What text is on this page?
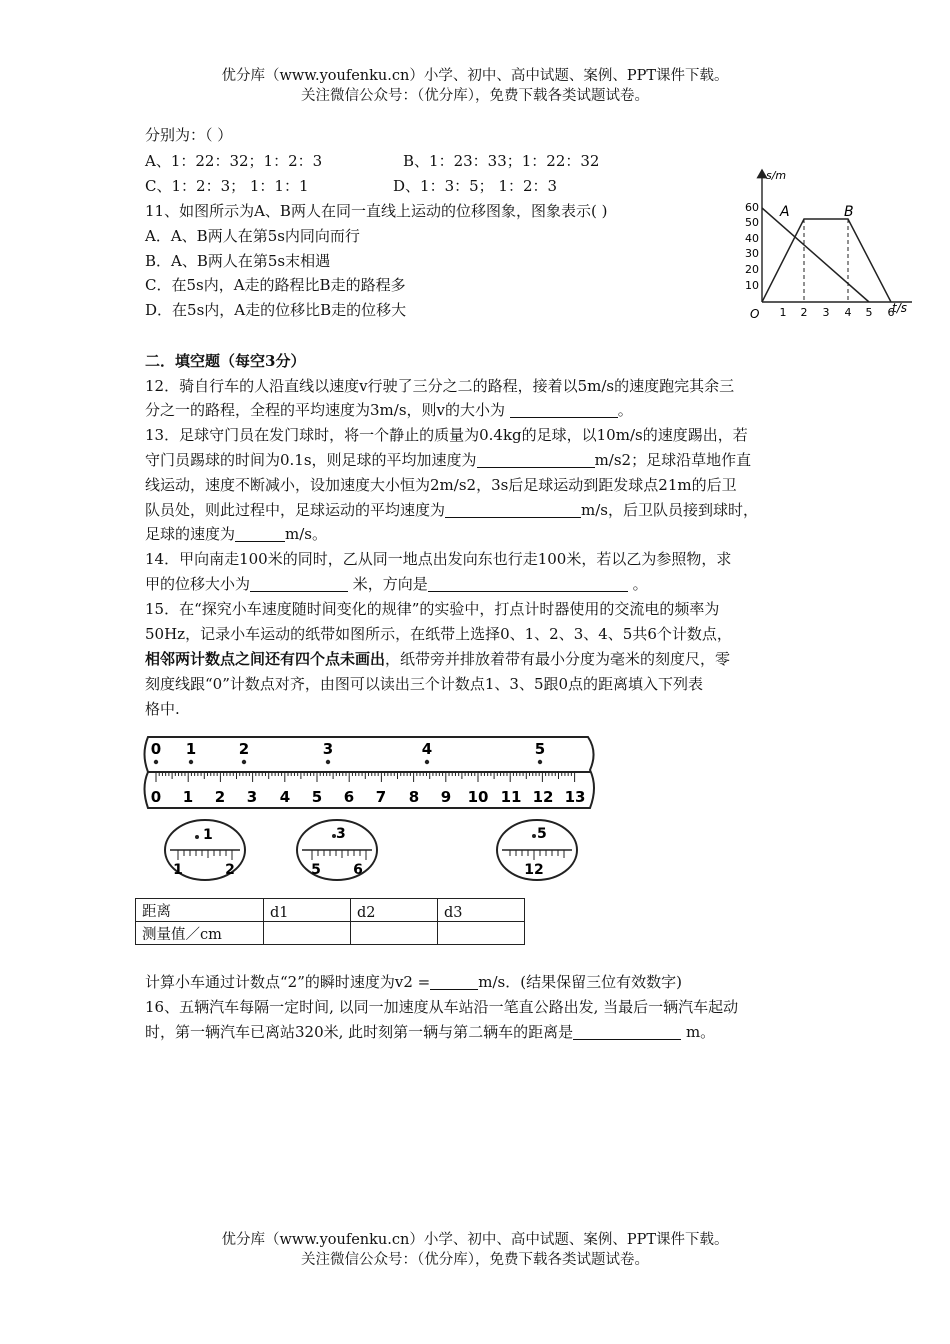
优分库（www.youfenku.cn）小学、初中、高中试题、案例、PPT课件下载。
关注微信公众号：（优分库），免费下载各类试题试卷。
分别为：（ ）
A、1：22：32；1：2：3	B、1：23：33；1：22：32
C、1：2：3； 1：1：1	D、1：3：5； 1：2：3
11、如图所示为A、B两人在同一直线上运动的位移图象，图象表示( )
A．A、B两人在第5s内同向而行
B．A、B两人在第5s末相遇
C．在5s内，A走的路程比B走的路程多
D．在5s内，A走的位移比B走的位移大
二．填空题（每空3分）
12．骑自行车的人沿直线以速度v行驶了三分之二的路程，接着以5m/s的速度跑完其余三
分之一的路程，全程的平均速度为3m/s，则v的大小为	。
13．足球守门员在发门球时，将一个静止的质量为0.4kg的足球，以10m/s的速度踢出，若
守门员踢球的时间为0.1s，则足球的平均加速度为	m/s2；足球沿草地作直
线运动，速度不断减小，设加速度大小恒为2m/s2，3s后足球运动到距发球点21m的后卫
队员处，则此过程中，足球运动的平均速度为	m/s，后卫队员接到球时，
足球的速度为	m/s。
14．甲向南走100米的同时，乙从同一地点出发向东也行走100米，若以乙为参照物，求
甲的位移大小为	米，方向是	。
15．在“探究小车速度随时间变化的规律”的实验中，打点计时器使用的交流电的频率为
50Hz，记录小车运动的纸带如图所示，在纸带上选择0、1、2、3、4、5共6个计数点，
相邻两计数点之间还有四个点未画出，纸带旁并排放着带有最小分度为毫米的刻度尺，零
刻度线跟“0”计数点对齐，由图可以读出三个计数点1、3、5跟0点的距离填入下列表
格中.
计算小车通过计数点“2”的瞬时速度为v2 =	m/s．(结果保留三位有效数字)
16、五辆汽车每隔一定时间, 以同一加速度从车站沿一笔直公路出发, 当最后一辆汽车起动
时，第一辆汽车已离站320米, 此时刻第一辆与第二辆车的距离是	m。
s/m
t/s
O
60
50
40
30
20
10
1 2 3 4 5 6
A	B
0 1 2 3 4 5 6 7 8 9 10 11 12 13
0 1	2	3	4	5
1
1	2
3
5 6
5
12
距离	d1	d2	d3
测量值／cm			
优分库（www.youfenku.cn）小学、初中、高中试题、案例、PPT课件下载。
关注微信公众号：（优分库），免费下载各类试题试卷。
